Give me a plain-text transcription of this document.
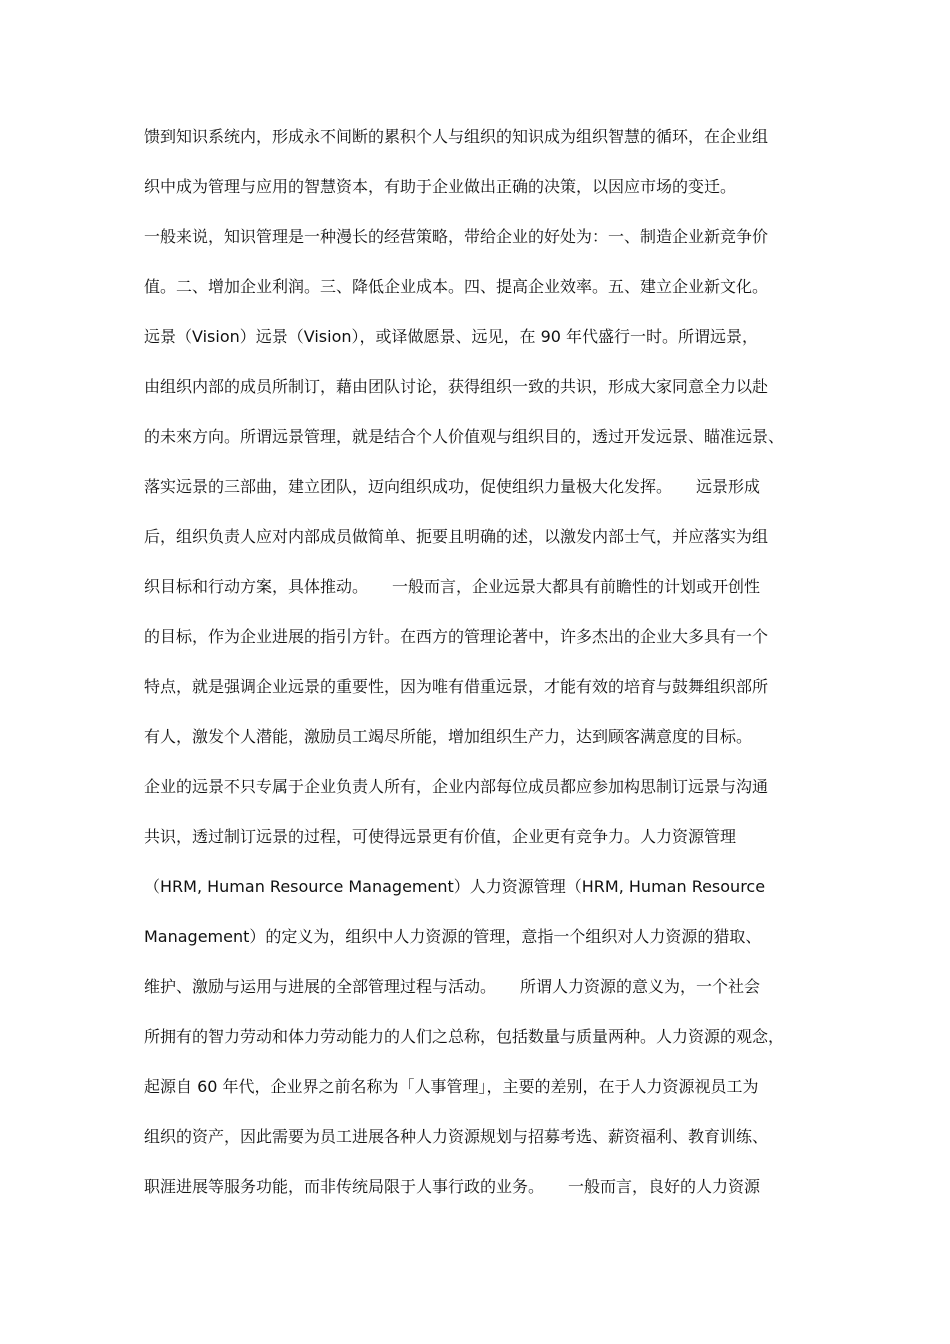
馈到知识系统内，形成永不间断的累积个人与组织的知识成为组织智慧的循环，在企业组
织中成为管理与应用的智慧资本，有助于企业做出正确的决策，以因应市场的变迁。
一般来说，知识管理是一种漫长的经营策略，带给企业的好处为：一、制造企业新竞争价
值。二、增加企业利润。三、降低企业成本。四、提高企业效率。五、建立企业新文化。
远景（Vision）远景（Vision），或译做愿景、远见，在 90 年代盛行一时。所谓远景，
由组织内部的成员所制订，藉由团队讨论，获得组织一致的共识，形成大家同意全力以赴
的未來方向。所谓远景管理，就是结合个人价值观与组织目的，透过开发远景、瞄准远景、
落实远景的三部曲，建立团队，迈向组织成功，促使组织力量极大化发挥。　　远景形成
后，组织负责人应对内部成员做简单、扼要且明确的述，以激发内部士气，并应落实为组
织目标和行动方案，具体推动。　　一般而言，企业远景大都具有前瞻性的计划或开创性
的目标，作为企业进展的指引方针。在西方的管理论著中，许多杰出的企业大多具有一个
特点，就是强调企业远景的重要性，因为唯有借重远景，才能有效的培育与鼓舞组织部所
有人，激发个人潜能，激励员工竭尽所能，增加组织生产力，达到顾客满意度的目标。
企业的远景不只专属于企业负责人所有，企业内部每位成员都应参加构思制订远景与沟通
共识，透过制订远景的过程，可使得远景更有价值，企业更有竞争力。人力资源管理
（HRM, Human Resource Management）人力资源管理（HRM, Human Resource
Management）的定义为，组织中人力资源的管理，意指一个组织对人力资源的猎取、
维护、激励与运用与进展的全部管理过程与活动。　　所谓人力资源的意义为，一个社会
所拥有的智力劳动和体力劳动能力的人们之总称，包括数量与质量两种。人力资源的观念，
起源自 60 年代，企业界之前名称为「人事管理」，主要的差别，在于人力资源视员工为
组织的资产，因此需要为员工进展各种人力资源规划与招募考选、薪资福利、教育训练、
职涯进展等服务功能，而非传统局限于人事行政的业务。　　一般而言，良好的人力资源
